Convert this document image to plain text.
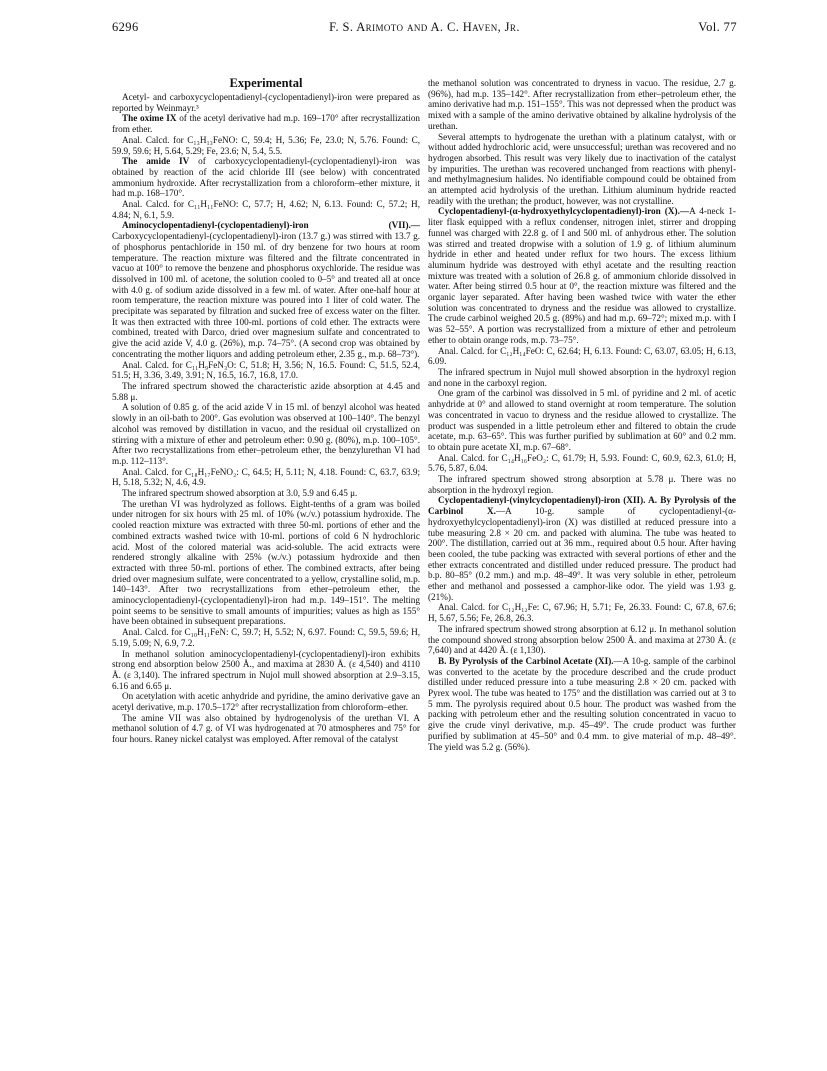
6296	F. S. Arimoto and A. C. Haven, Jr.	Vol. 77
Experimental

Acetyl- and carboxycyclopentadienyl-(cyclopentadienyl)-iron were prepared as reported by Weinmayr.³

The oxime IX of the acetyl derivative had m.p. 169–170° after recrystallization from ether.

Anal. Calcd. for C₁₃H₁₃FeNO: C, 59.4; H, 5.36; Fe, 23.0; N, 5.76. Found: C, 59.9, 59.6; H, 5.64, 5.29; Fe, 23.6; N, 5.4, 5.5.

The amide IV of carboxycyclopentadienyl-(cyclopentadienyl)-iron was obtained by reaction of the acid chloride III (see below) with concentrated ammonium hydroxide. After recrystallization from a chloroform–ether mixture, it had m.p. 168–170°.

Anal. Calcd. for C₁₁H₁₁FeNO: C, 57.7; H, 4.62; N, 6.13. Found: C, 57.2; H, 4.84; N, 6.1, 5.9.

Aminocyclopentadienyl-(cyclopentadienyl)-iron (VII).—Carboxycyclopentadienyl-(cyclopentadienyl)-iron (13.7 g.) was stirred with 13.7 g. of phosphorus pentachloride in 150 ml. of dry benzene for two hours at room temperature. The reaction mixture was filtered and the filtrate concentrated in vacuo at 100° to remove the benzene and phosphorus oxychloride. The residue was dissolved in 100 ml. of acetone, the solution cooled to 0–5° and treated all at once with 4.0 g. of sodium azide dissolved in a few ml. of water. After one-half hour at room temperature, the reaction mixture was poured into 1 liter of cold water. The precipitate was separated by filtration and sucked free of excess water on the filter. It was then extracted with three 100-ml. portions of cold ether. The extracts were combined, treated with Darco, dried over magnesium sulfate and concentrated to give the acid azide V, 4.0 g. (26%), m.p. 74–75°. (A second crop was obtained by concentrating the mother liquors and adding petroleum ether, 2.35 g., m.p. 68–73°).

Anal. Calcd. for C₁₁H₉FeN₃O: C, 51.8; H, 3.56; N, 16.5. Found: C, 51.5, 52.4, 51.5; H, 3.36, 3.49, 3.91; N, 16.5, 16.7, 16.8, 17.0.

The infrared spectrum showed the characteristic azide absorption at 4.45 and 5.88 μ.

A solution of 0.85 g. of the acid azide V in 15 ml. of benzyl alcohol was heated slowly in an oil-bath to 200°. Gas evolution was observed at 100–140°. The benzyl alcohol was removed by distillation in vacuo, and the residual oil crystallized on stirring with a mixture of ether and petroleum ether: 0.90 g. (80%), m.p. 100–105°. After two recrystallizations from ether–petroleum ether, the benzylurethan VI had m.p. 112–113°.

Anal. Calcd. for C₁₈H₁₇FeNO₂: C, 64.5; H, 5.11; N, 4.18. Found: C, 63.7, 63.9; H, 5.18, 5.32; N, 4.6, 4.9.

The infrared spectrum showed absorption at 3.0, 5.9 and 6.45 μ.

The urethan VI was hydrolyzed as follows. Eight-tenths of a gram was boiled under nitrogen for six hours with 25 ml. of 10% (w./v.) potassium hydroxide. The cooled reaction mixture was extracted with three 50-ml. portions of ether and the combined extracts washed twice with 10-ml. portions of cold 6 N hydrochloric acid. Most of the colored material was acid-soluble. The acid extracts were rendered strongly alkaline with 25% (w./v.) potassium hydroxide and then extracted with three 50-ml. portions of ether. The combined extracts, after being dried over magnesium sulfate, were concentrated to a yellow, crystalline solid, m.p. 140–143°. After two recrystallizations from ether–petroleum ether, the aminocyclopentadienyl-(cyclopentadienyl)-iron had m.p. 149–151°. The melting point seems to be sensitive to small amounts of impurities; values as high as 155° have been obtained in subsequent preparations.

Anal. Calcd. for C₁₀H₁₁FeN: C, 59.7; H, 5.52; N, 6.97. Found: C, 59.5, 59.6; H, 5.19, 5.09; N, 6.9, 7.2.

In methanol solution aminocyclopentadienyl-(cyclopentadienyl)-iron exhibits strong end absorption below 2500 Å., and maxima at 2830 Å. (ε 4,540) and 4110 Å. (ε 3,140). The infrared spectrum in Nujol mull showed absorption at 2.9–3.15, 6.16 and 6.65 μ.

On acetylation with acetic anhydride and pyridine, the amino derivative gave an acetyl derivative, m.p. 170.5–172° after recrystallization from chloroform–ether.

The amine VII was also obtained by hydrogenolysis of the urethan VI. A methanol solution of 4.7 g. of VI was hydrogenated at 70 atmospheres and 75° for four hours. Raney nickel catalyst was employed. After removal of the catalyst

the methanol solution was concentrated to dryness in vacuo. The residue, 2.7 g. (96%), had m.p. 135–142°. After recrystallization from ether–petroleum ether, the amino derivative had m.p. 151–155°. This was not depressed when the product was mixed with a sample of the amino derivative obtained by alkaline hydrolysis of the urethan.

Several attempts to hydrogenate the urethan with a platinum catalyst, with or without added hydrochloric acid, were unsuccessful; urethan was recovered and no hydrogen absorbed. This result was very likely due to inactivation of the catalyst by impurities. The urethan was recovered unchanged from reactions with phenyl- and methylmagnesium halides. No identifiable compound could be obtained from an attempted acid hydrolysis of the urethan. Lithium aluminum hydride reacted readily with the urethan; the product, however, was not crystalline.

Cyclopentadienyl-(α-hydroxyethylcyclopentadienyl)-iron (X).—A 4-neck 1-liter flask equipped with a reflux condenser, nitrogen inlet, stirrer and dropping funnel was charged with 22.8 g. of I and 500 ml. of anhydrous ether. The solution was stirred and treated dropwise with a solution of 1.9 g. of lithium aluminum hydride in ether and heated under reflux for two hours. The excess lithium aluminum hydride was destroyed with ethyl acetate and the resulting reaction mixture was treated with a solution of 26.8 g. of ammonium chloride dissolved in water. After being stirred 0.5 hour at 0°, the reaction mixture was filtered and the organic layer separated. After having been washed twice with water the ether solution was concentrated to dryness and the residue was allowed to crystallize. The crude carbinol weighed 20.5 g. (89%) and had m.p. 69–72°; mixed m.p. with I was 52–55°. A portion was recrystallized from a mixture of ether and petroleum ether to obtain orange rods, m.p. 73–75°.

Anal. Calcd. for C₁₂H₁₄FeO: C, 62.64; H, 6.13. Found: C, 63.07, 63.05; H, 6.13, 6.09.

The infrared spectrum in Nujol mull showed absorption in the hydroxyl region and none in the carboxyl region.

One gram of the carbinol was dissolved in 5 ml. of pyridine and 2 ml. of acetic anhydride at 0° and allowed to stand overnight at room temperature. The solution was concentrated in vacuo to dryness and the residue allowed to crystallize. The product was suspended in a little petroleum ether and filtered to obtain the crude acetate, m.p. 63–65°. This was further purified by sublimation at 60° and 0.2 mm. to obtain pure acetate XI, m.p. 67–68°.

Anal. Calcd. for C₁₄H₁₆FeO₂: C, 61.79; H, 5.93. Found: C, 60.9, 62.3, 61.0; H, 5.76, 5.87, 6.04.

The infrared spectrum showed strong absorption at 5.78 μ. There was no absorption in the hydroxyl region.

Cyclopentadienyl-(vinylcyclopentadienyl)-iron (XII). A. By Pyrolysis of the Carbinol X.—A 10-g. sample of cyclopentadienyl-(α-hydroxyethylcyclopentadienyl)-iron (X) was distilled at reduced pressure into a tube measuring 2.8 × 20 cm. and packed with alumina. The tube was heated to 200°. The distillation, carried out at 36 mm., required about 0.5 hour. After having been cooled, the tube packing was extracted with several portions of ether and the ether extracts concentrated and distilled under reduced pressure. The product had b.p. 80–85° (0.2 mm.) and m.p. 48–49°. It was very soluble in ether, petroleum ether and methanol and possessed a camphor-like odor. The yield was 1.93 g. (21%).

Anal. Calcd. for C₁₂H₁₂Fe: C, 67.96; H, 5.71; Fe, 26.33. Found: C, 67.8, 67.6; H, 5.67, 5.56; Fe, 26.8, 26.3.

The infrared spectrum showed strong absorption at 6.12 μ. In methanol solution the compound showed strong absorption below 2500 Å. and maxima at 2730 Å. (ε 7,640) and at 4420 Å. (ε 1,130).

B. By Pyrolysis of the Carbinol Acetate (XI).—A 10-g. sample of the carbinol was converted to the acetate by the procedure described and the crude product distilled under reduced pressure into a tube measuring 2.8 × 20 cm. packed with Pyrex wool. The tube was heated to 175° and the distillation was carried out at 3 to 5 mm. The pyrolysis required about 0.5 hour. The product was washed from the packing with petroleum ether and the resulting solution concentrated in vacuo to give the crude vinyl derivative, m.p. 45–49°. The crude product was further purified by sublimation at 45–50° and 0.4 mm. to give material of m.p. 48–49°. The yield was 5.2 g. (56%).
